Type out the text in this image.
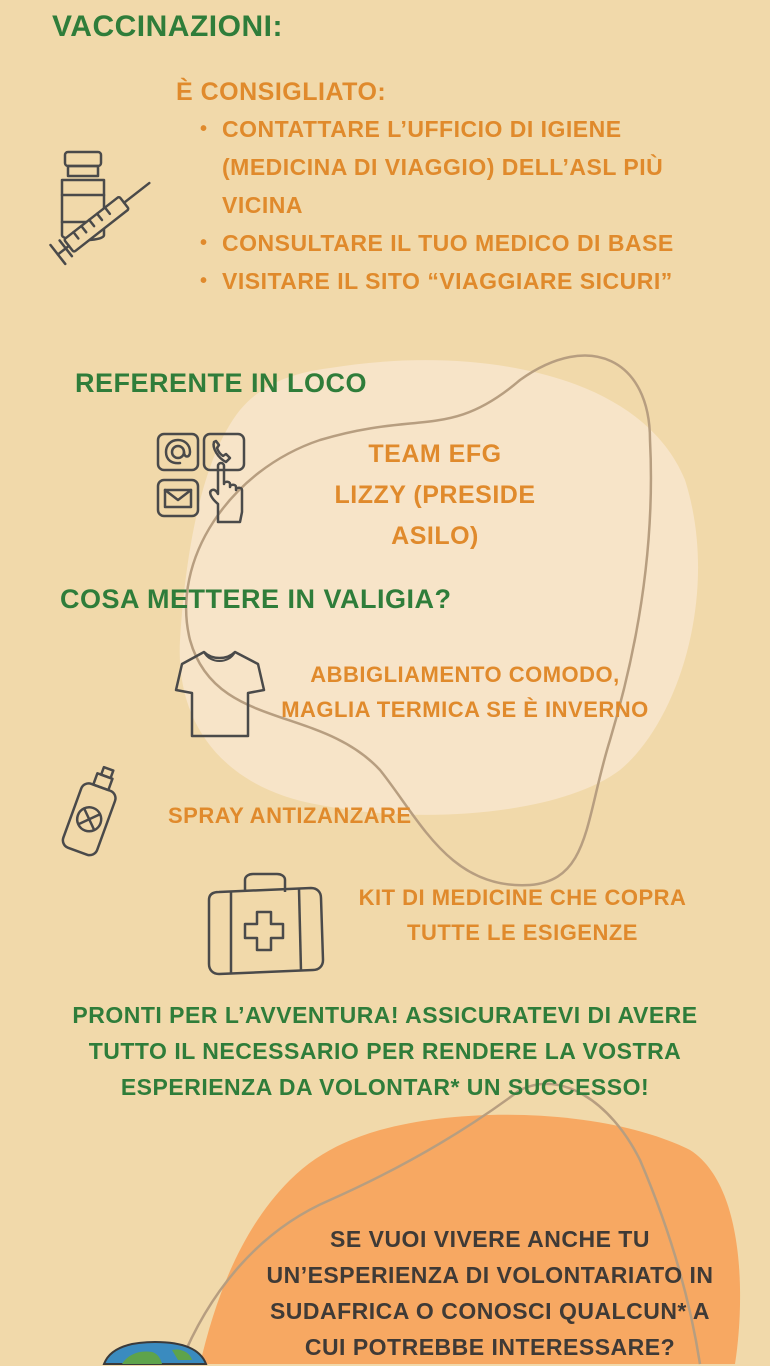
VACCINAZIONI:
È CONSIGLIATO:
• CONTATTARE L’UFFICIO DI IGIENE (MEDICINA DI VIAGGIO) DELL’ASL PIÙ VICINA
• CONSULTARE IL TUO MEDICO DI BASE
• VISITARE IL SITO “VIAGGIARE SICURI”
REFERENTE IN LOCO
TEAM EFG
LIZZY (PRESIDE
ASILO)
COSA METTERE IN VALIGIA?
ABBIGLIAMENTO COMODO,
MAGLIA TERMICA SE È INVERNO
SPRAY ANTIZANZARE
KIT DI MEDICINE CHE COPRA
TUTTE LE ESIGENZE
PRONTI PER L’AVVENTURA! ASSICURATEVI DI AVERE
TUTTO IL NECESSARIO PER RENDERE LA VOSTRA
ESPERIENZA DA VOLONTAR* UN SUCCESSO!
SE VUOI VIVERE ANCHE TU
UN’ESPERIENZA DI VOLONTARIATO IN
SUDAFRICA O CONOSCI QUALCUN* A
CUI POTREBBE INTERESSARE?
